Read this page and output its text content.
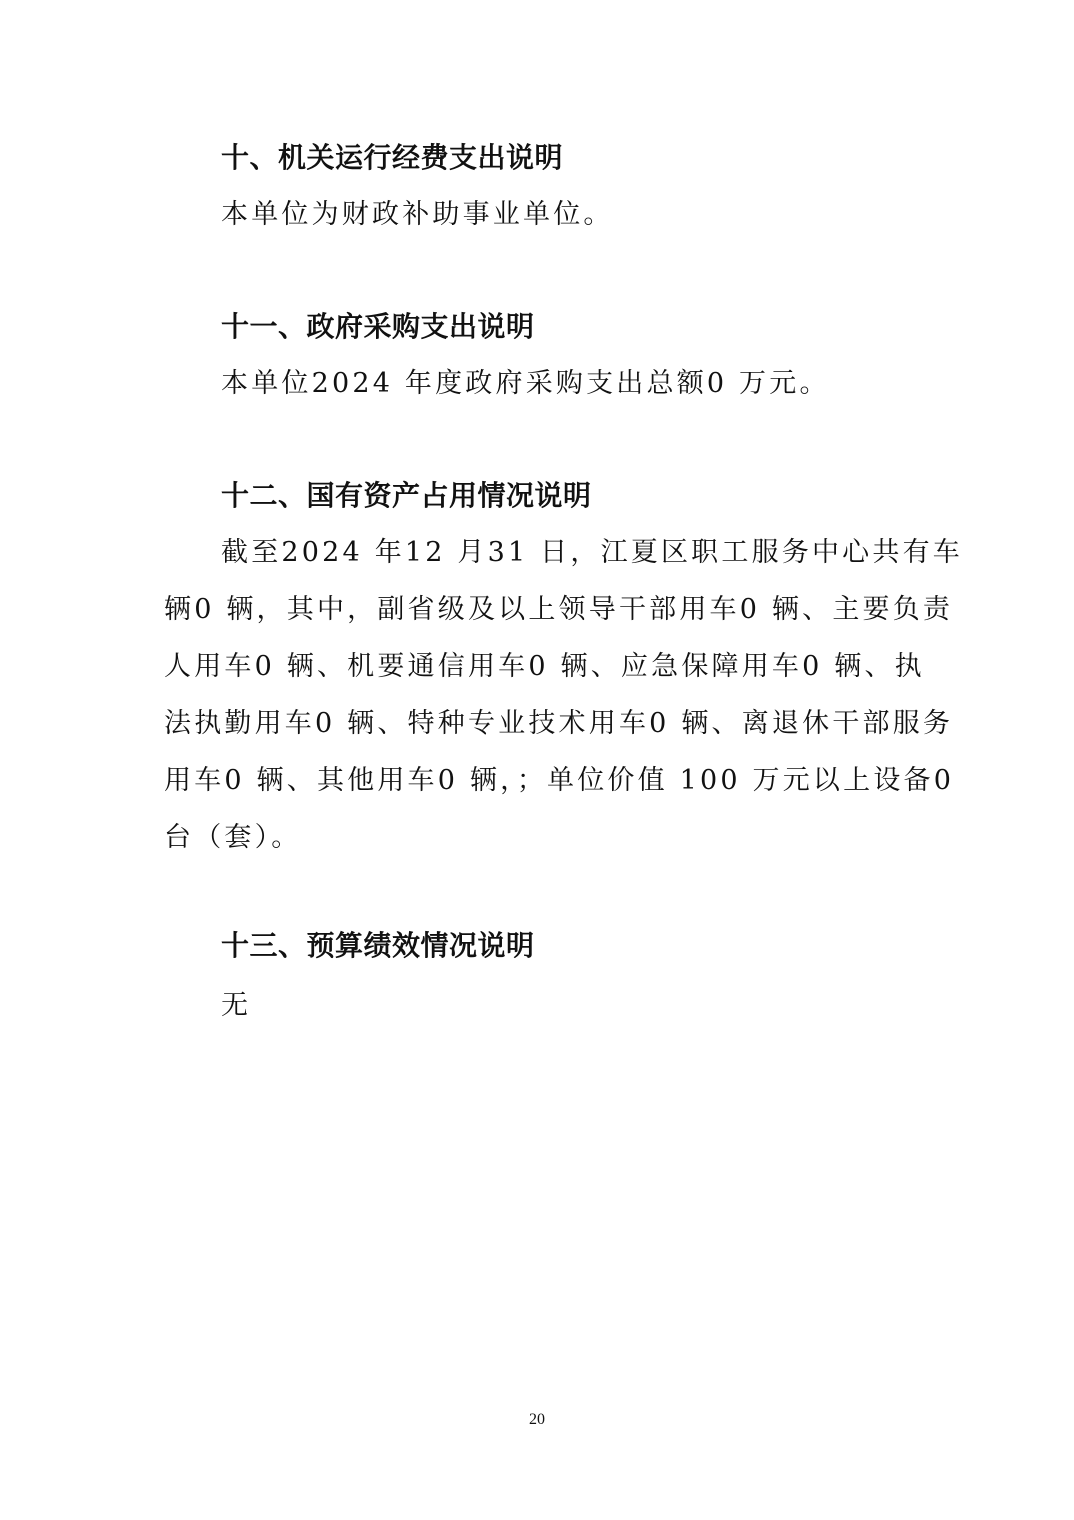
十、机关运行经费支出说明
本单位为财政补助事业单位。
十一、政府采购支出说明
本单位2024 年度政府采购支出总额0 万元。
十二、国有资产占用情况说明
截至2024 年12 月31 日，江夏区职工服务中心共有车
辆0 辆，其中，副省级及以上领导干部用车0 辆、主要负责
人用车0 辆、机要通信用车0 辆、应急保障用车0 辆、执
法执勤用车0 辆、特种专业技术用车0 辆、离退休干部服务
用车0 辆、其他用车0 辆，；单位价值 100 万元以上设备0
台（套）。
十三、预算绩效情况说明
无
20
